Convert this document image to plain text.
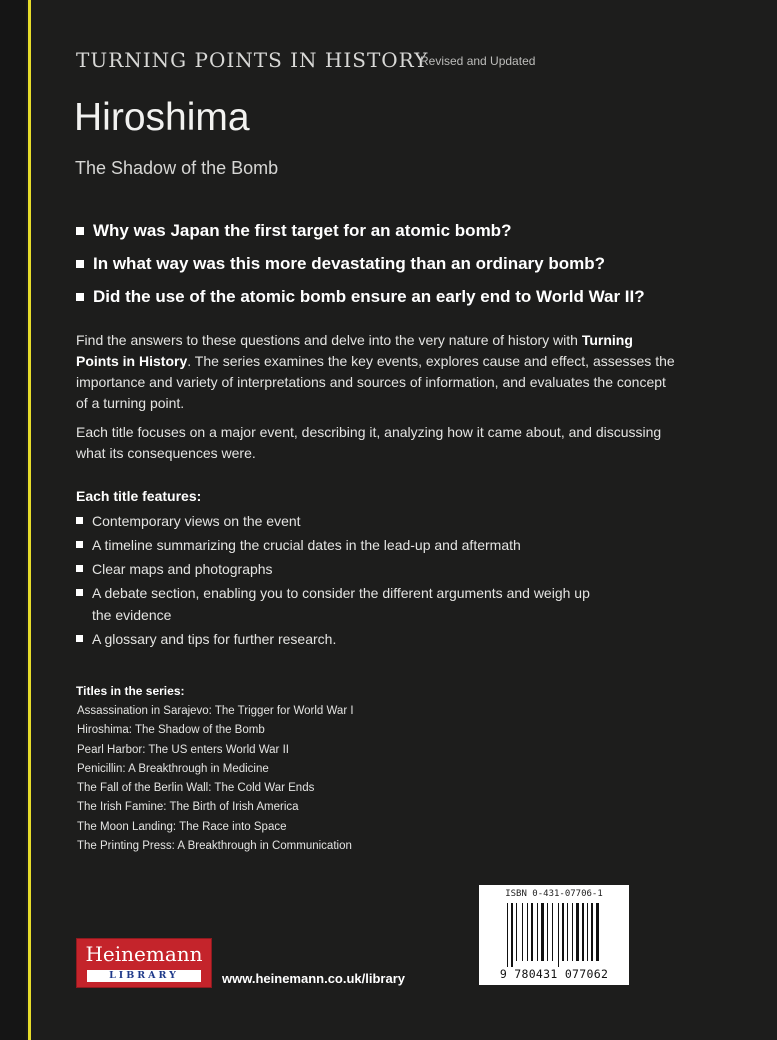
TURNING POINTS IN HISTORY
Revised and Updated
Hiroshima
The Shadow of the Bomb
Why was Japan the first target for an atomic bomb?
In what way was this more devastating than an ordinary bomb?
Did the use of the atomic bomb ensure an early end to World War II?

Find the answers to these questions and delve into the very nature of history with Turning Points in History. The series examines the key events, explores cause and effect, assesses the importance and variety of interpretations and sources of information, and evaluates the concept of a turning point.

Each title focuses on a major event, describing it, analyzing how it came about, and discussing what its consequences were.

Each title features:
Contemporary views on the event
A timeline summarizing the crucial dates in the lead-up and aftermath
Clear maps and photographs
A debate section, enabling you to consider the different arguments and weigh up the evidence
A glossary and tips for further research.
Titles in the series:
Assassination in Sarajevo: The Trigger for World War I
Hiroshima: The Shadow of the Bomb
Pearl Harbor: The US enters World War II
Penicillin: A Breakthrough in Medicine
The Fall of the Berlin Wall: The Cold War Ends
The Irish Famine: The Birth of Irish America
The Moon Landing: The Race into Space
The Printing Press: A Breakthrough in Communication
ISBN 0-431-07706-1
9 780431 077062
Heinemann
LIBRARY	www.heinemann.co.uk/library
